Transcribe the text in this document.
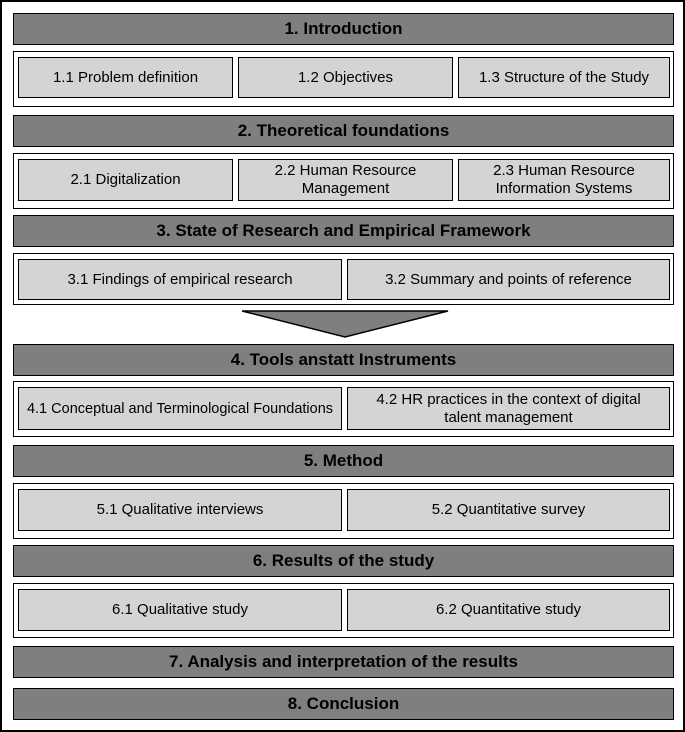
1. Introduction
1.1 Problem definition	1.2 Objectives	1.3 Structure of the Study
2. Theoretical foundations
2.1 Digitalization
2.2 Human Resource Management
2.3 Human Resource Information Systems
3. State of Research and Empirical Framework
3.1 Findings of empirical research	3.2 Summary and points of reference
4. Tools anstatt Instruments
4.1 Conceptual and Terminological Foundations
4.2 HR practices in the context of digital talent management
5. Method
5.1 Qualitative interviews	5.2 Quantitative survey
6. Results of the study
6.1 Qualitative study	6.2 Quantitative study
7. Analysis and interpretation of the results
8. Conclusion
